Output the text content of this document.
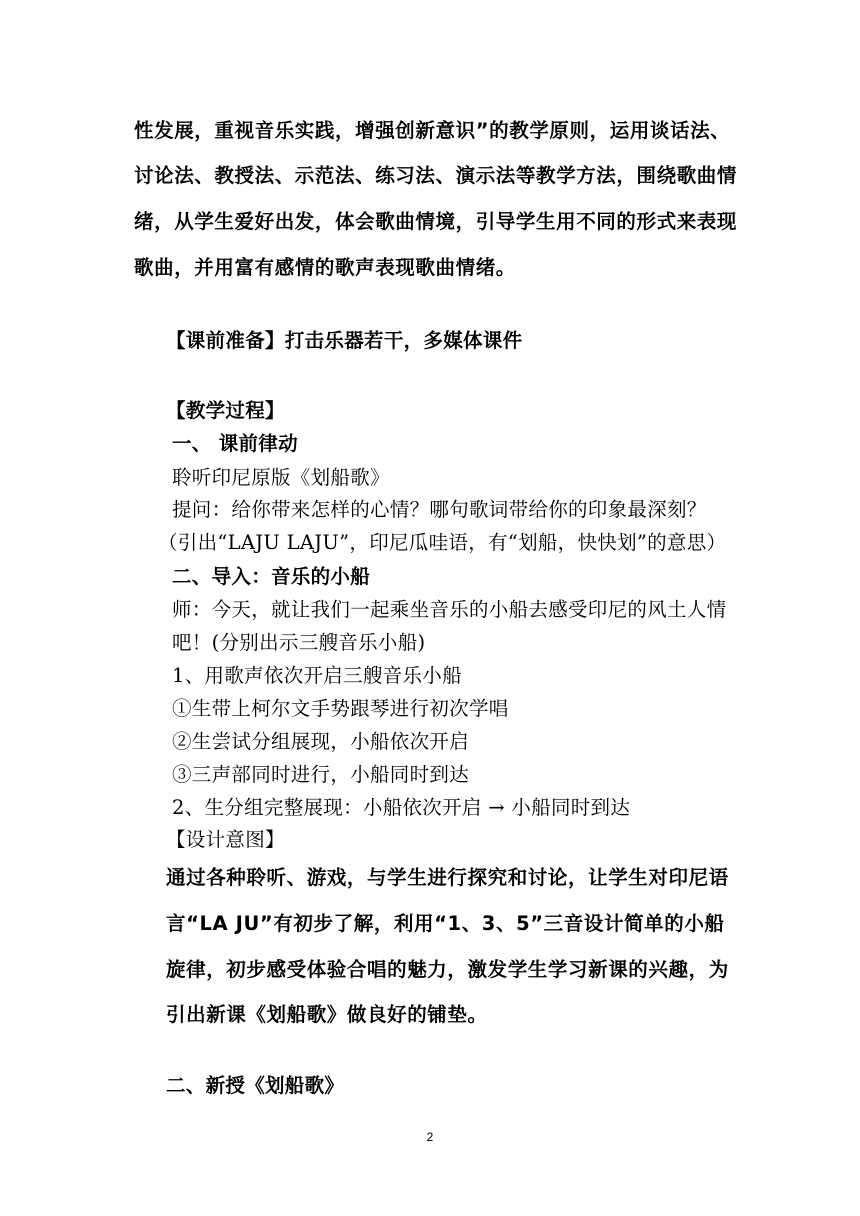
性发展，重视音乐实践，增强创新意识”的教学原则，运用谈话法、
讨论法、教授法、示范法、练习法、演示法等教学方法，围绕歌曲情
绪，从学生爱好出发，体会歌曲情境，引导学生用不同的形式来表现
歌曲，并用富有感情的歌声表现歌曲情绪。
【课前准备】打击乐器若干，多媒体课件
【教学过程】
一、 课前律动
聆听印尼原版《划船歌》
提问：给你带来怎样的心情？哪句歌词带给你的印象最深刻？
（引出“LAJU LAJU”，印尼瓜哇语，有“划船，快快划”的意思）
二、导入：音乐的小船
师：今天，就让我们一起乘坐音乐的小船去感受印尼的风土人情
吧！(分别出示三艘音乐小船)
1、用歌声依次开启三艘音乐小船
①生带上柯尔文手势跟琴进行初次学唱
②生尝试分组展现，小船依次开启
③三声部同时进行，小船同时到达
2、生分组完整展现：小船依次开启 → 小船同时到达
【设计意图】
通过各种聆听、游戏，与学生进行探究和讨论，让学生对印尼语
言“LA JU”有初步了解，利用“1、3、5”三音设计简单的小船
旋律，初步感受体验合唱的魅力，激发学生学习新课的兴趣，为
引出新课《划船歌》做良好的铺垫。
二、新授《划船歌》
2
